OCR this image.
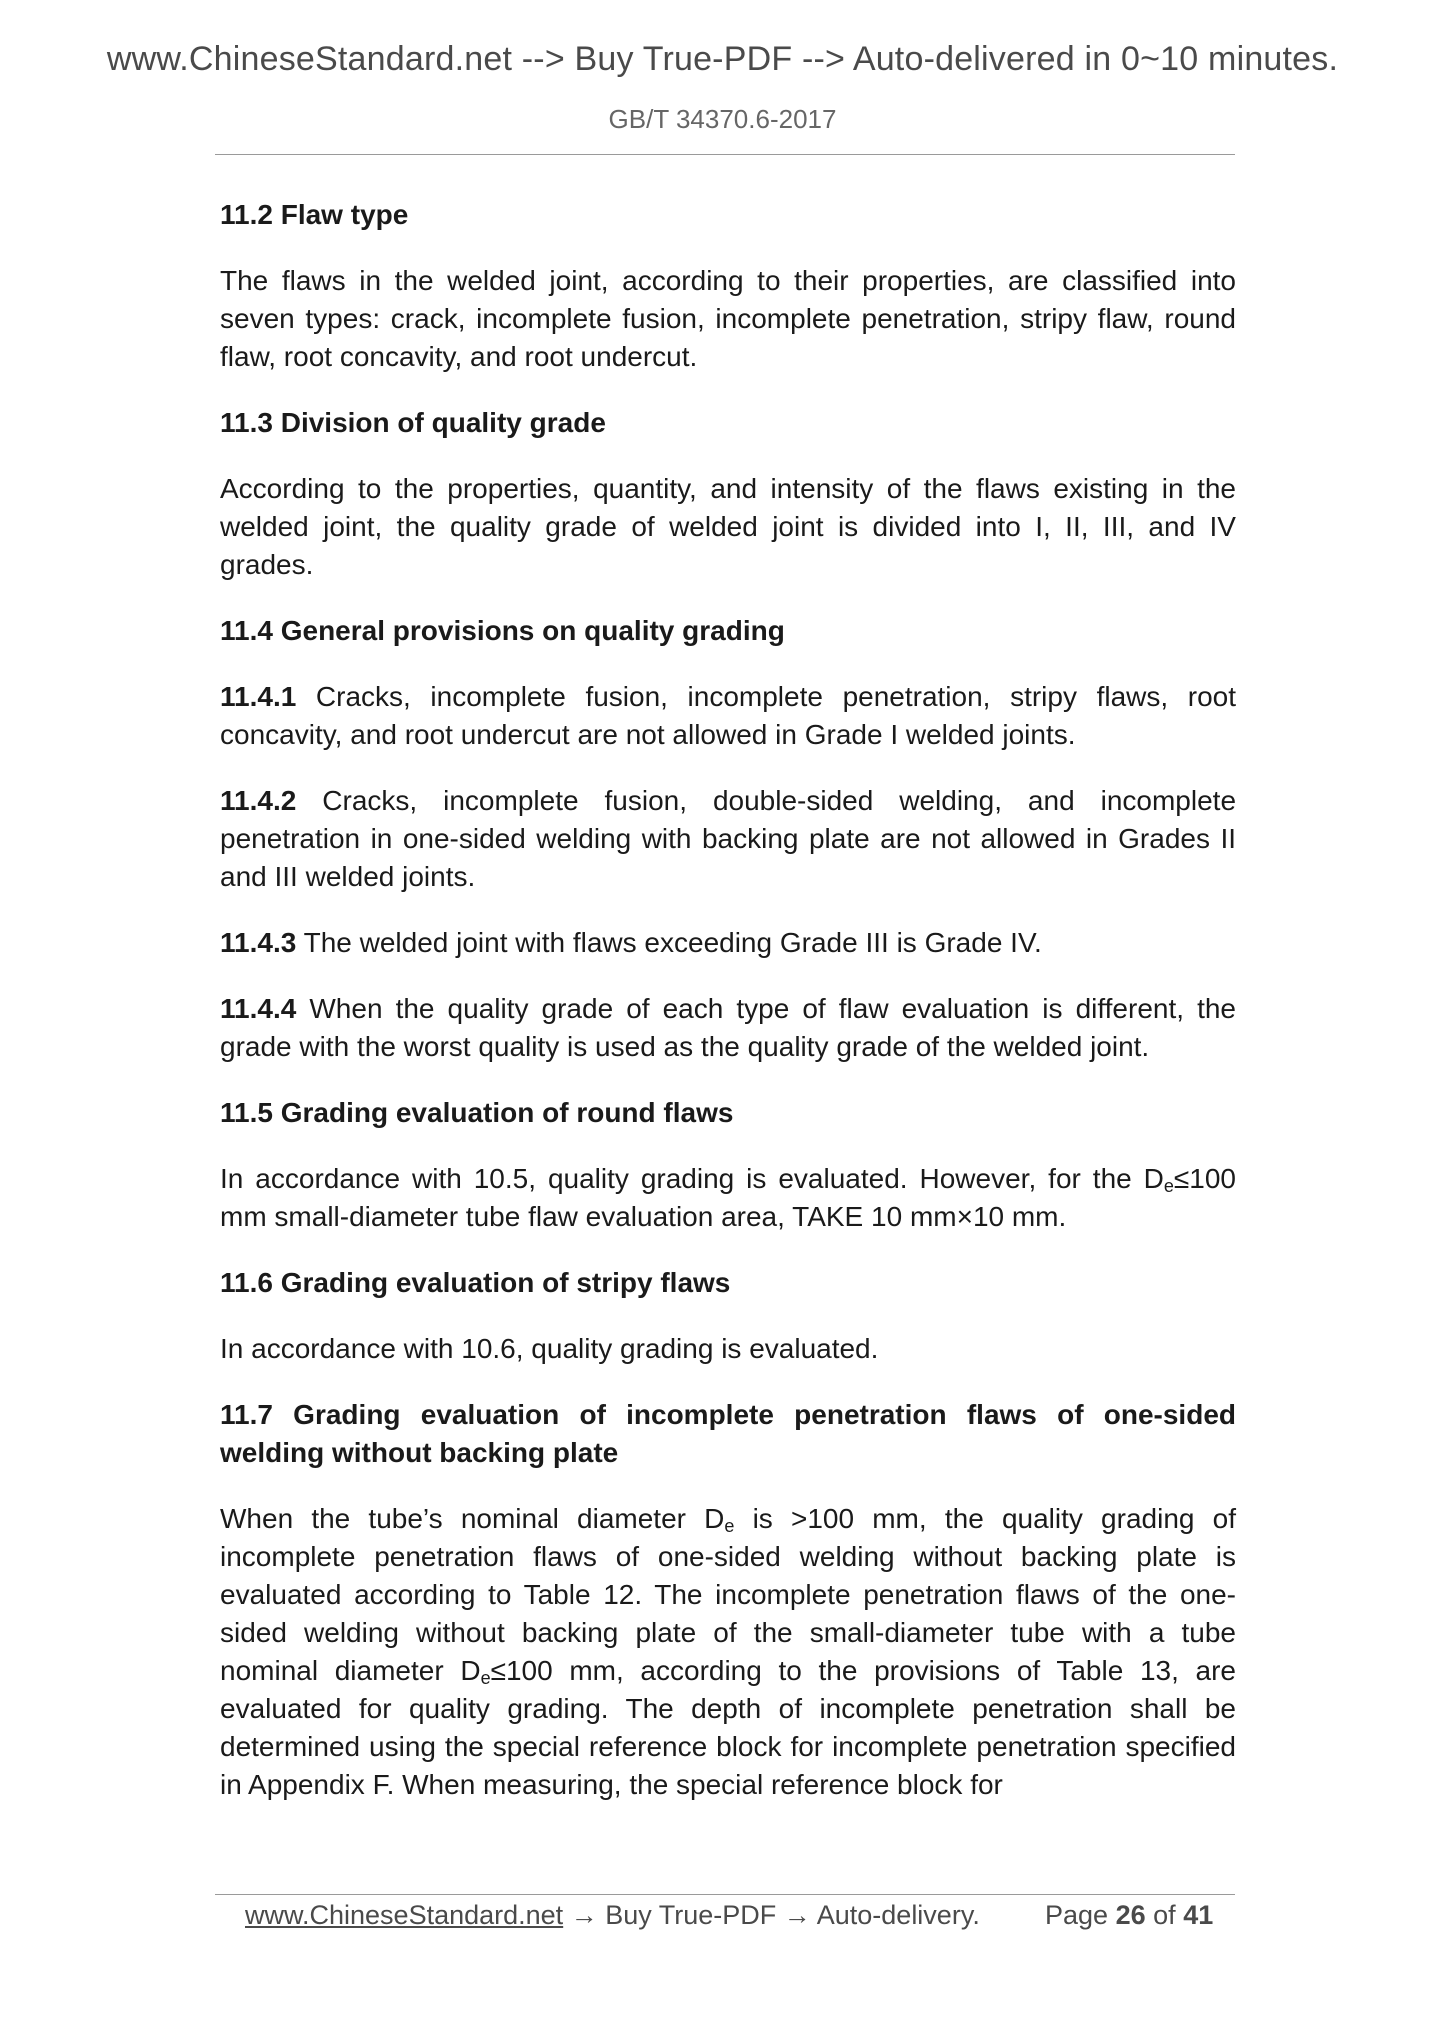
www.ChineseStandard.net --> Buy True-PDF --> Auto-delivered in 0~10 minutes.
GB/T 34370.6-2017
11.2 Flaw type

The flaws in the welded joint, according to their properties, are classified into seven types: crack, incomplete fusion, incomplete penetration, stripy flaw, round flaw, root concavity, and root undercut.

11.3 Division of quality grade

According to the properties, quantity, and intensity of the flaws existing in the welded joint, the quality grade of welded joint is divided into I, II, III, and IV grades.

11.4 General provisions on quality grading

11.4.1 Cracks, incomplete fusion, incomplete penetration, stripy flaws, root concavity, and root undercut are not allowed in Grade I welded joints.

11.4.2 Cracks, incomplete fusion, double-sided welding, and incomplete penetration in one-sided welding with backing plate are not allowed in Grades II and III welded joints.

11.4.3 The welded joint with flaws exceeding Grade III is Grade IV.

11.4.4 When the quality grade of each type of flaw evaluation is different, the grade with the worst quality is used as the quality grade of the welded joint.

11.5 Grading evaluation of round flaws

In accordance with 10.5, quality grading is evaluated. However, for the $D_e\le 100$ mm small-diameter tube flaw evaluation area, TAKE 10 mm×10 mm.

11.6 Grading evaluation of stripy flaws

In accordance with 10.6, quality grading is evaluated.

11.7 Grading evaluation of incomplete penetration flaws of one-sided welding without backing plate

When the tube’s nominal diameter $D_e$ is >100 mm, the quality grading of incomplete penetration flaws of one-sided welding without backing plate is evaluated according to Table 12. The incomplete penetration flaws of the one-sided welding without backing plate of the small-diameter tube with a tube nominal diameter $D_e\le 100$ mm, according to the provisions of Table 13, are evaluated for quality grading. The depth of incomplete penetration shall be determined using the special reference block for incomplete penetration specified in Appendix F. When measuring, the special reference block for

www.ChineseStandard.net → Buy True-PDF → Auto-delivery. Page 26 of 41
